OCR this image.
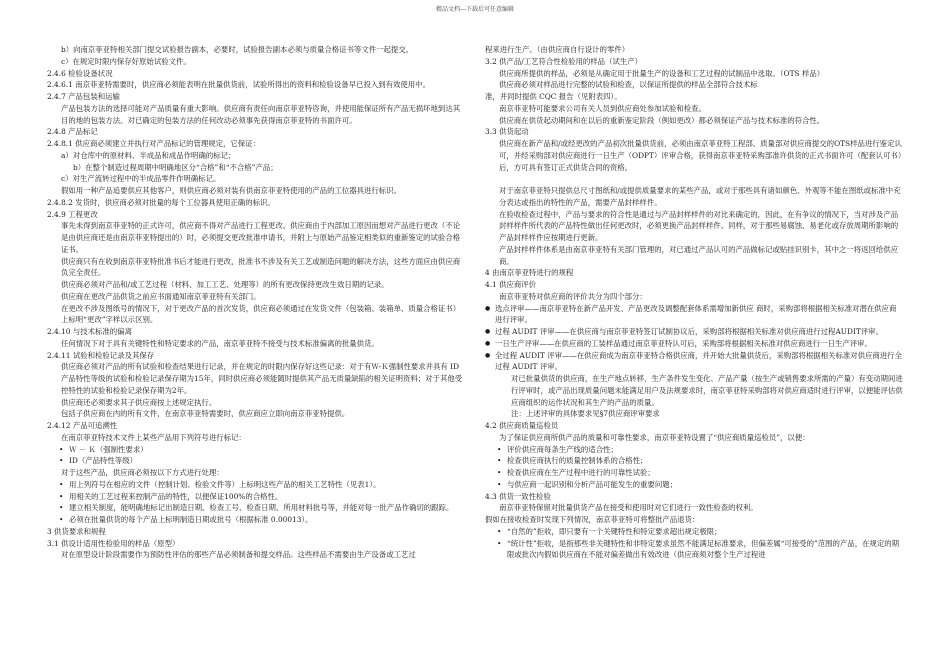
精品文档---下载后可任意编辑

b）向南京菲亚特相关部门提交试验报告副本，必要时，试验报告副本必须与质量合格证书等文件一起提交。

c）在规定时限内保存好原始试验文件。

2.4.6 检验设备状况

2.4.6.1 南京菲亚特需要时，供应商必须能表明在批量供货前，试验所得出的资料和检验设备早已投入到有效使用中。

2.4.7 产品包装和运输

产品包装方法的选择可能对产品质量有重大影响。供应商有责任向南京菲亚特咨询，并使用能保证所有产品无损坏地到达其目的地的包装方法。对已确定的包装方法的任何改动必须事先获得南京菲亚特的书面许可。

2.4.8 产品标记

2.4.8.1 供应商必须建立并执行对产品标记的管理规定，它保证：

a）对仓库中的原材料、半成品和成品作明确的标记；

b）在整个制造过程周期中明确地区分“合格”和“不合格”产品；

c）对生产流转过程中的半成品零件作明确标记。

假如用一种产品追要供应其他客户，则供应商必须对装有供南京菲亚特使用的产品的工位器具进行标识。

2.4.8.2 发货时，供应商必须对批量的每个工位器具使用正确的标识。

2.4.9 工程更改

事先未得到南京菲亚特的正式许可，供应商不得对产品进行工程更改。供应商由于内部加工原因而想对产品进行更改（不论是由供应商还是由南京菲亚特提出的）时，必须提交更改批准申请书，并附上与原始产品鉴定相类似的重新鉴定的试验合格证书。

供应商只有在收到南京菲亚特批准书后才能进行更改，批准书不涉及有关工艺或制造问题的解决方法，这些方面应由供应商负完全责任。

供应商必须对产品和/或工艺过程（材料、加工工艺、处理等）的所有更改保持更改生效日期的记录。

供应商在更改产品供货之前应书面通知南京菲亚特有关部门。

在更改不涉及图纸号的情况下，对于更改产品的首次发货，供应商必须通过在发货文件（包装箱、装箱单、质量合格证书）上标明“更改”字样以示区别。

2.4.10 与技术标准的偏离

任何情况下对于具有关键特性和特定要求的产品，南京菲亚特不接受与技术标准偏离的批量供货。

2.4.11 试验和检验记录及其保存

供应商必须对产品的所有试验和检查结果进行记录，并在规定的时限内保存好这些记录：对于有Ｗ-Ｋ强制性要求并具有 ID 产品特性等级的试验和检验记录保存期为15年，同时供应商必须能随时提供其产品无质量缺陷的相关证明资料；对于其他受控特性的试验和检验记录保存期为2年。

供应商还必须要求其子供应商按上述规定执行。

包括子供应商在内的所有文件，在南京菲亚特需要时，供应商应立即向南京菲亚特提供。

2.4.12 产品可追溯性

在南京菲亚特技术文件上某些产品用下列符号进行标记：

• Ｗ － Ｋ（强制性要求）

• ID（产品特性等级）

对于这些产品，供应商必须按以下方式进行处理：

• 用上列符号在相应的文件（控制计划、检验文件等）上标明这些产品的相关工艺特性（见表1）。

• 用相关的工艺过程来控制产品的特性，以便保证100%的合格性。

• 建立相关制度，能明确地标记出制造日期、检查工号、检查日期、所用材料批号等，并能对每一批产品作确切的跟踪。

• 必须在批量供货的每个产品上标明制造日期或批号（根据标准 0.00013）。

3 供货要求和规程

3.1 供设计适用性检验用的样品（原型）

对在原型设计阶段需要作为预防性评估的那些产品必须制备和提交样品。这些样品不需要由生产设备或工艺过

程来进行生产。（由供应商自行设计的零件）

3.2 供产品/工艺符合性检验用的样品（试生产）

供应商所提供的样品，必须是从确定用于批量生产的设备和工艺过程的试制品中选取。（OTS 样品）

供应商必须对样品进行完整的试验和检查，以保证所提供的样品全部符合技术标

准，并同时提供 CQC 报告（见附表四）。

南京菲亚特可能要求公司有关人员到供应商处参加试验和检查。

供应商在供货起动期间和在以后的重新鉴定阶段（例如更改）都必须保证产品与技术标准的符合性。

3.3 供货起动

供应商在新产品和/或经更改的产品初次批量供货前，必须由南京菲亚特工程部、质量部对供应商提交的OTS样品进行鉴定认可，并经采购部对供应商进行一日生产（ODPT）评审合格，获得南京菲亚特采购部准许供货的正式书面许可（配套认可书）后，方可具有签订正式供货合同的资格。

对于南京菲亚特只提供总尺寸图纸和/或提供质量要求的某些产品，或对于那些具有诸如颜色、外观等不能在图纸或标准中充分表达或指出的特性的产品，需要产品封样样件。

在验收检查过程中，产品与要求的符合性是通过与产品封样样件的对比来确定的，因此，在有争议的情况下，当对涉及产品封样样件所代表的产品特性做出任何更改时，必须更换产品封样样件。同样，对于那些易腐蚀、易老化或存放周期所影响的产品封样样件应按期进行更新。

产品封样样件体系是由南京菲亚特有关部门管理的，对已通过产品认可的产品做标记或贴挂识别卡，其中之一将返回给供应商。

4 由南京菲亚特进行的规程

4.1 供应商评价

南京菲亚特对供应商的评价共分为四个部分：

● 选点评审——南京菲亚特在新产品开发、产品更改及调整配套体系需增加新供应 商时，采购部将根据相关标准对潜在供应商进行评审。

● 过程 AUDIT 评审——在供应商与南京菲亚特签订试制协议后，采购部将根据相关标准对供应商进行过程AUDIT评审。

● 一日生产评审——在供应商的工装样品通过南京菲亚特认可后，采购部将根据相关标准对供应商进行一日生产评审。

● 全过程 AUDIT 评审——在供应商成为南京菲亚特合格供应商，并开始大批量供货后，采购部将根据相关标准对供应商进行全过程 AUDIT 评审。

对已批量供货的供应商，在生产地点转移、生产条件发生变化、产品产量（按生产或销售要求所需的产量）有变动期间进行评审时，或产品出现质量问题未能满足用户及法规要求时，南京菲亚特采购部将对供应商适时进行评审，以便能评估供应商组织的运作状况和其生产的产品的质量。

注：上述评审的具体要求见§7供应商评审要求

4.2 供应商质量巡检员

为了保证供应商所供产品的质量和可靠性要求，南京菲亚特设置了“供应商质量巡检员”，以便：

• 评价供应商每条生产线的适合性；

• 检查供应商执行的质量控制体系的合格性；

• 检查供应商在生产过程中进行的可靠性试验；

• 与供应商一起识别和分析产品可能发生的重要问题；

4.3 供货一致性检验

南京菲亚特保留对批量供货产品在接受和使用时对它们进行一致性检查的权利。

假如在接收检查时发现下列情况，南京菲亚特可将整批产品退货：

• “自然的”拒收，即只要有一个关键特性和特定要求超出规定极限；

• “统计性”拒收，是指那些非关键特性和非特定要求虽然不能满足标准要求，但偏差属“可接受的”范围的产品，在规定的期限或批次内假如供应商在不能对偏差做出有效改进（供应商须对整个生产过程进
